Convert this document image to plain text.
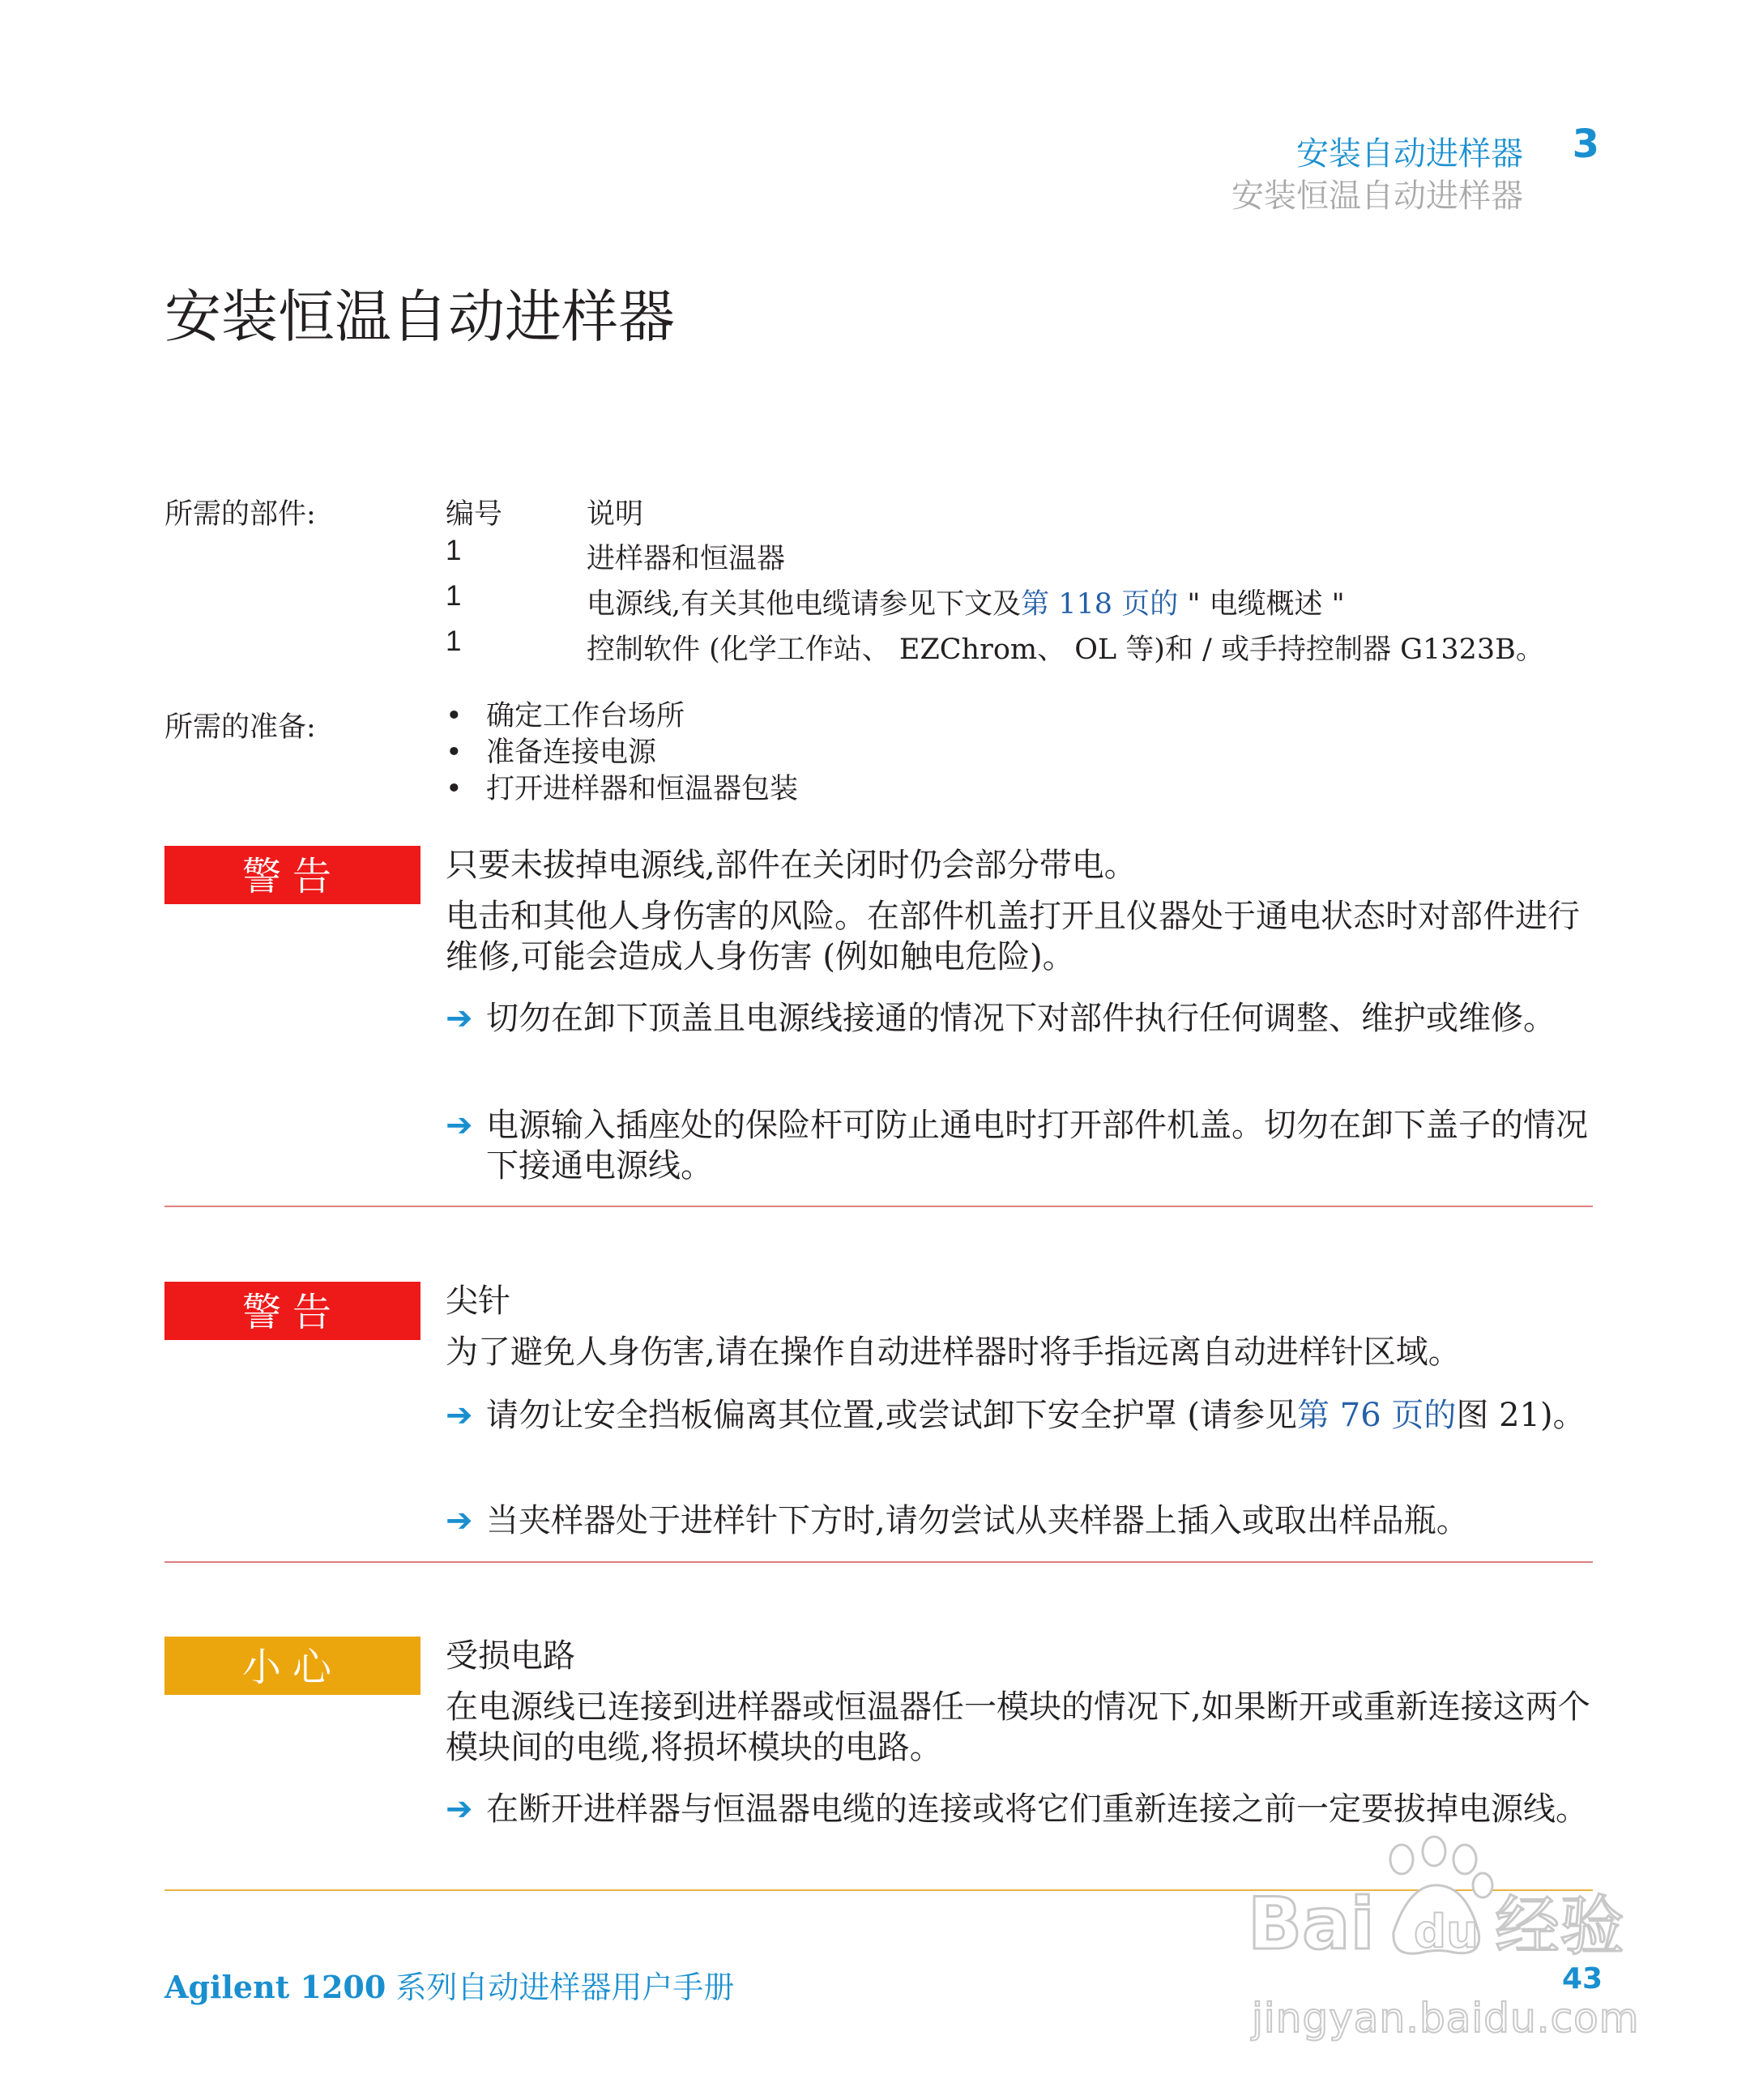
安装自动进样器 3
安装恒温自动进样器
安装恒温自动进样器
所需的部件:	编号	说明
1	进样器和恒温器
1	电源线,有关其他电缆请参见下文及第 118 页的 " 电缆概述 "
1	控制软件 (化学工作站、 EZChrom、 OL 等)和 / 或手持控制器 G1323B。
所需的准备:	• 确定工作台场所
• 准备连接电源
• 打开进样器和恒温器包装
警告	只要未拔掉电源线,部件在关闭时仍会部分带电。
电击和其他人身伤害的风险。在部件机盖打开且仪器处于通电状态时对部件进行维修,可能会造成人身伤害 (例如触电危险)。
➔ 切勿在卸下顶盖且电源线接通的情况下对部件执行任何调整、维护或维修。
➔ 电源输入插座处的保险杆可防止通电时打开部件机盖。切勿在卸下盖子的情况下接通电源线。
警告	尖针
为了避免人身伤害,请在操作自动进样器时将手指远离自动进样针区域。
➔ 请勿让安全挡板偏离其位置,或尝试卸下安全护罩 (请参见第 76 页的图 21)。
➔ 当夹样器处于进样针下方时,请勿尝试从夹样器上插入或取出样品瓶。
小心	受损电路
在电源线已连接到进样器或恒温器任一模块的情况下,如果断开或重新连接这两个模块间的电缆,将损坏模块的电路。
➔ 在断开进样器与恒温器电缆的连接或将它们重新连接之前一定要拔掉电源线。
Agilent 1200 系列自动进样器用户手册	43
Bai du 经验
jingyan.baidu.com
